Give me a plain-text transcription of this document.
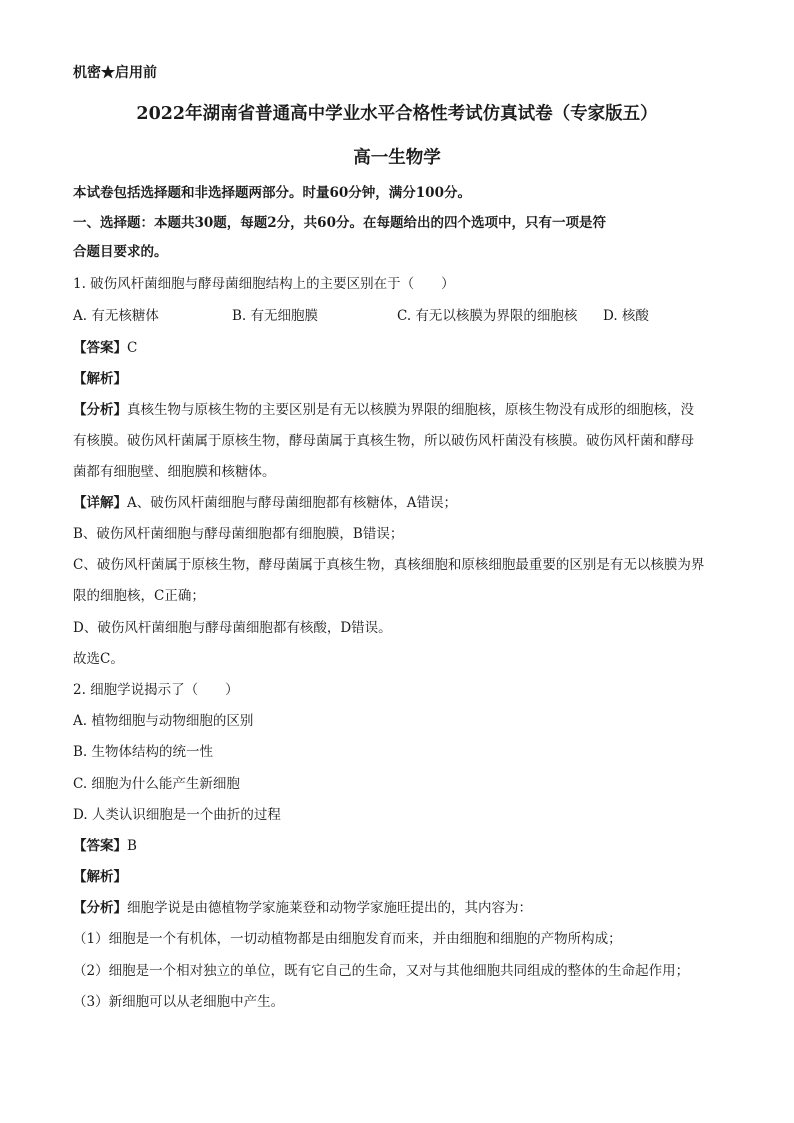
机密★启用前
2022年湖南省普通高中学业水平合格性考试仿真试卷（专家版五）
高一生物学
本试卷包括选择题和非选择题两部分。时量60分钟，满分100分。
一、选择题：本题共30题，每题2分，共60分。在每题给出的四个选项中，只有一项是符
合题目要求的。
1. 破伤风杆菌细胞与酵母菌细胞结构上的主要区别在于（　　）
A. 有无核糖体	B. 有无细胞膜	C. 有无以核膜为界限的细胞核 D. 核酸
【答案】C
【解析】
【分析】真核生物与原核生物的主要区别是有无以核膜为界限的细胞核，原核生物没有成形的细胞核，没
有核膜。破伤风杆菌属于原核生物，酵母菌属于真核生物，所以破伤风杆菌没有核膜。破伤风杆菌和酵母
菌都有细胞壁、细胞膜和核糖体。
【详解】A、破伤风杆菌细胞与酵母菌细胞都有核糖体，A错误；
B、破伤风杆菌细胞与酵母菌细胞都有细胞膜，B错误；
C、破伤风杆菌属于原核生物，酵母菌属于真核生物，真核细胞和原核细胞最重要的区别是有无以核膜为界
限的细胞核，C正确；
D、破伤风杆菌细胞与酵母菌细胞都有核酸，D错误。
故选C。
2. 细胞学说揭示了（　　）
A. 植物细胞与动物细胞的区别
B. 生物体结构的统一性
C. 细胞为什么能产生新细胞
D. 人类认识细胞是一个曲折的过程
【答案】B
【解析】
【分析】细胞学说是由德植物学家施莱登和动物学家施旺提出的，其内容为：
（1）细胞是一个有机体，一切动植物都是由细胞发育而来，并由细胞和细胞的产物所构成；
（2）细胞是一个相对独立的单位，既有它自己的生命，又对与其他细胞共同组成的整体的生命起作用；
（3）新细胞可以从老细胞中产生。
